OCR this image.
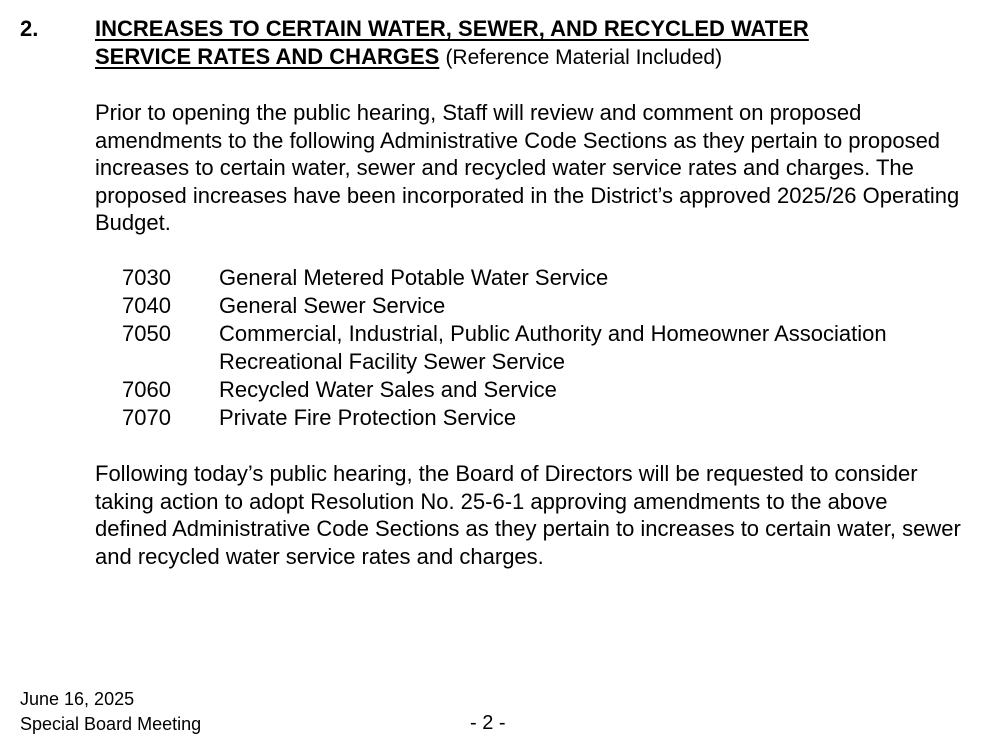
2.	INCREASES TO CERTAIN WATER, SEWER, AND RECYCLED WATER
SERVICE RATES AND CHARGES (Reference Material Included)

Prior to opening the public hearing, Staff will review and comment on proposed amendments to the following Administrative Code Sections as they pertain to proposed increases to certain water, sewer and recycled water service rates and charges. The proposed increases have been incorporated in the District’s approved 2025/26 Operating Budget.

7030	General Metered Potable Water Service
7040	General Sewer Service
7050	Commercial, Industrial, Public Authority and Homeowner Association Recreational Facility Sewer Service
7060	Recycled Water Sales and Service
7070	Private Fire Protection Service

Following today’s public hearing, the Board of Directors will be requested to consider taking action to adopt Resolution No. 25-6-1 approving amendments to the above defined Administrative Code Sections as they pertain to increases to certain water, sewer and recycled water service rates and charges.

June 16, 2025
Special Board Meeting	- 2 -
